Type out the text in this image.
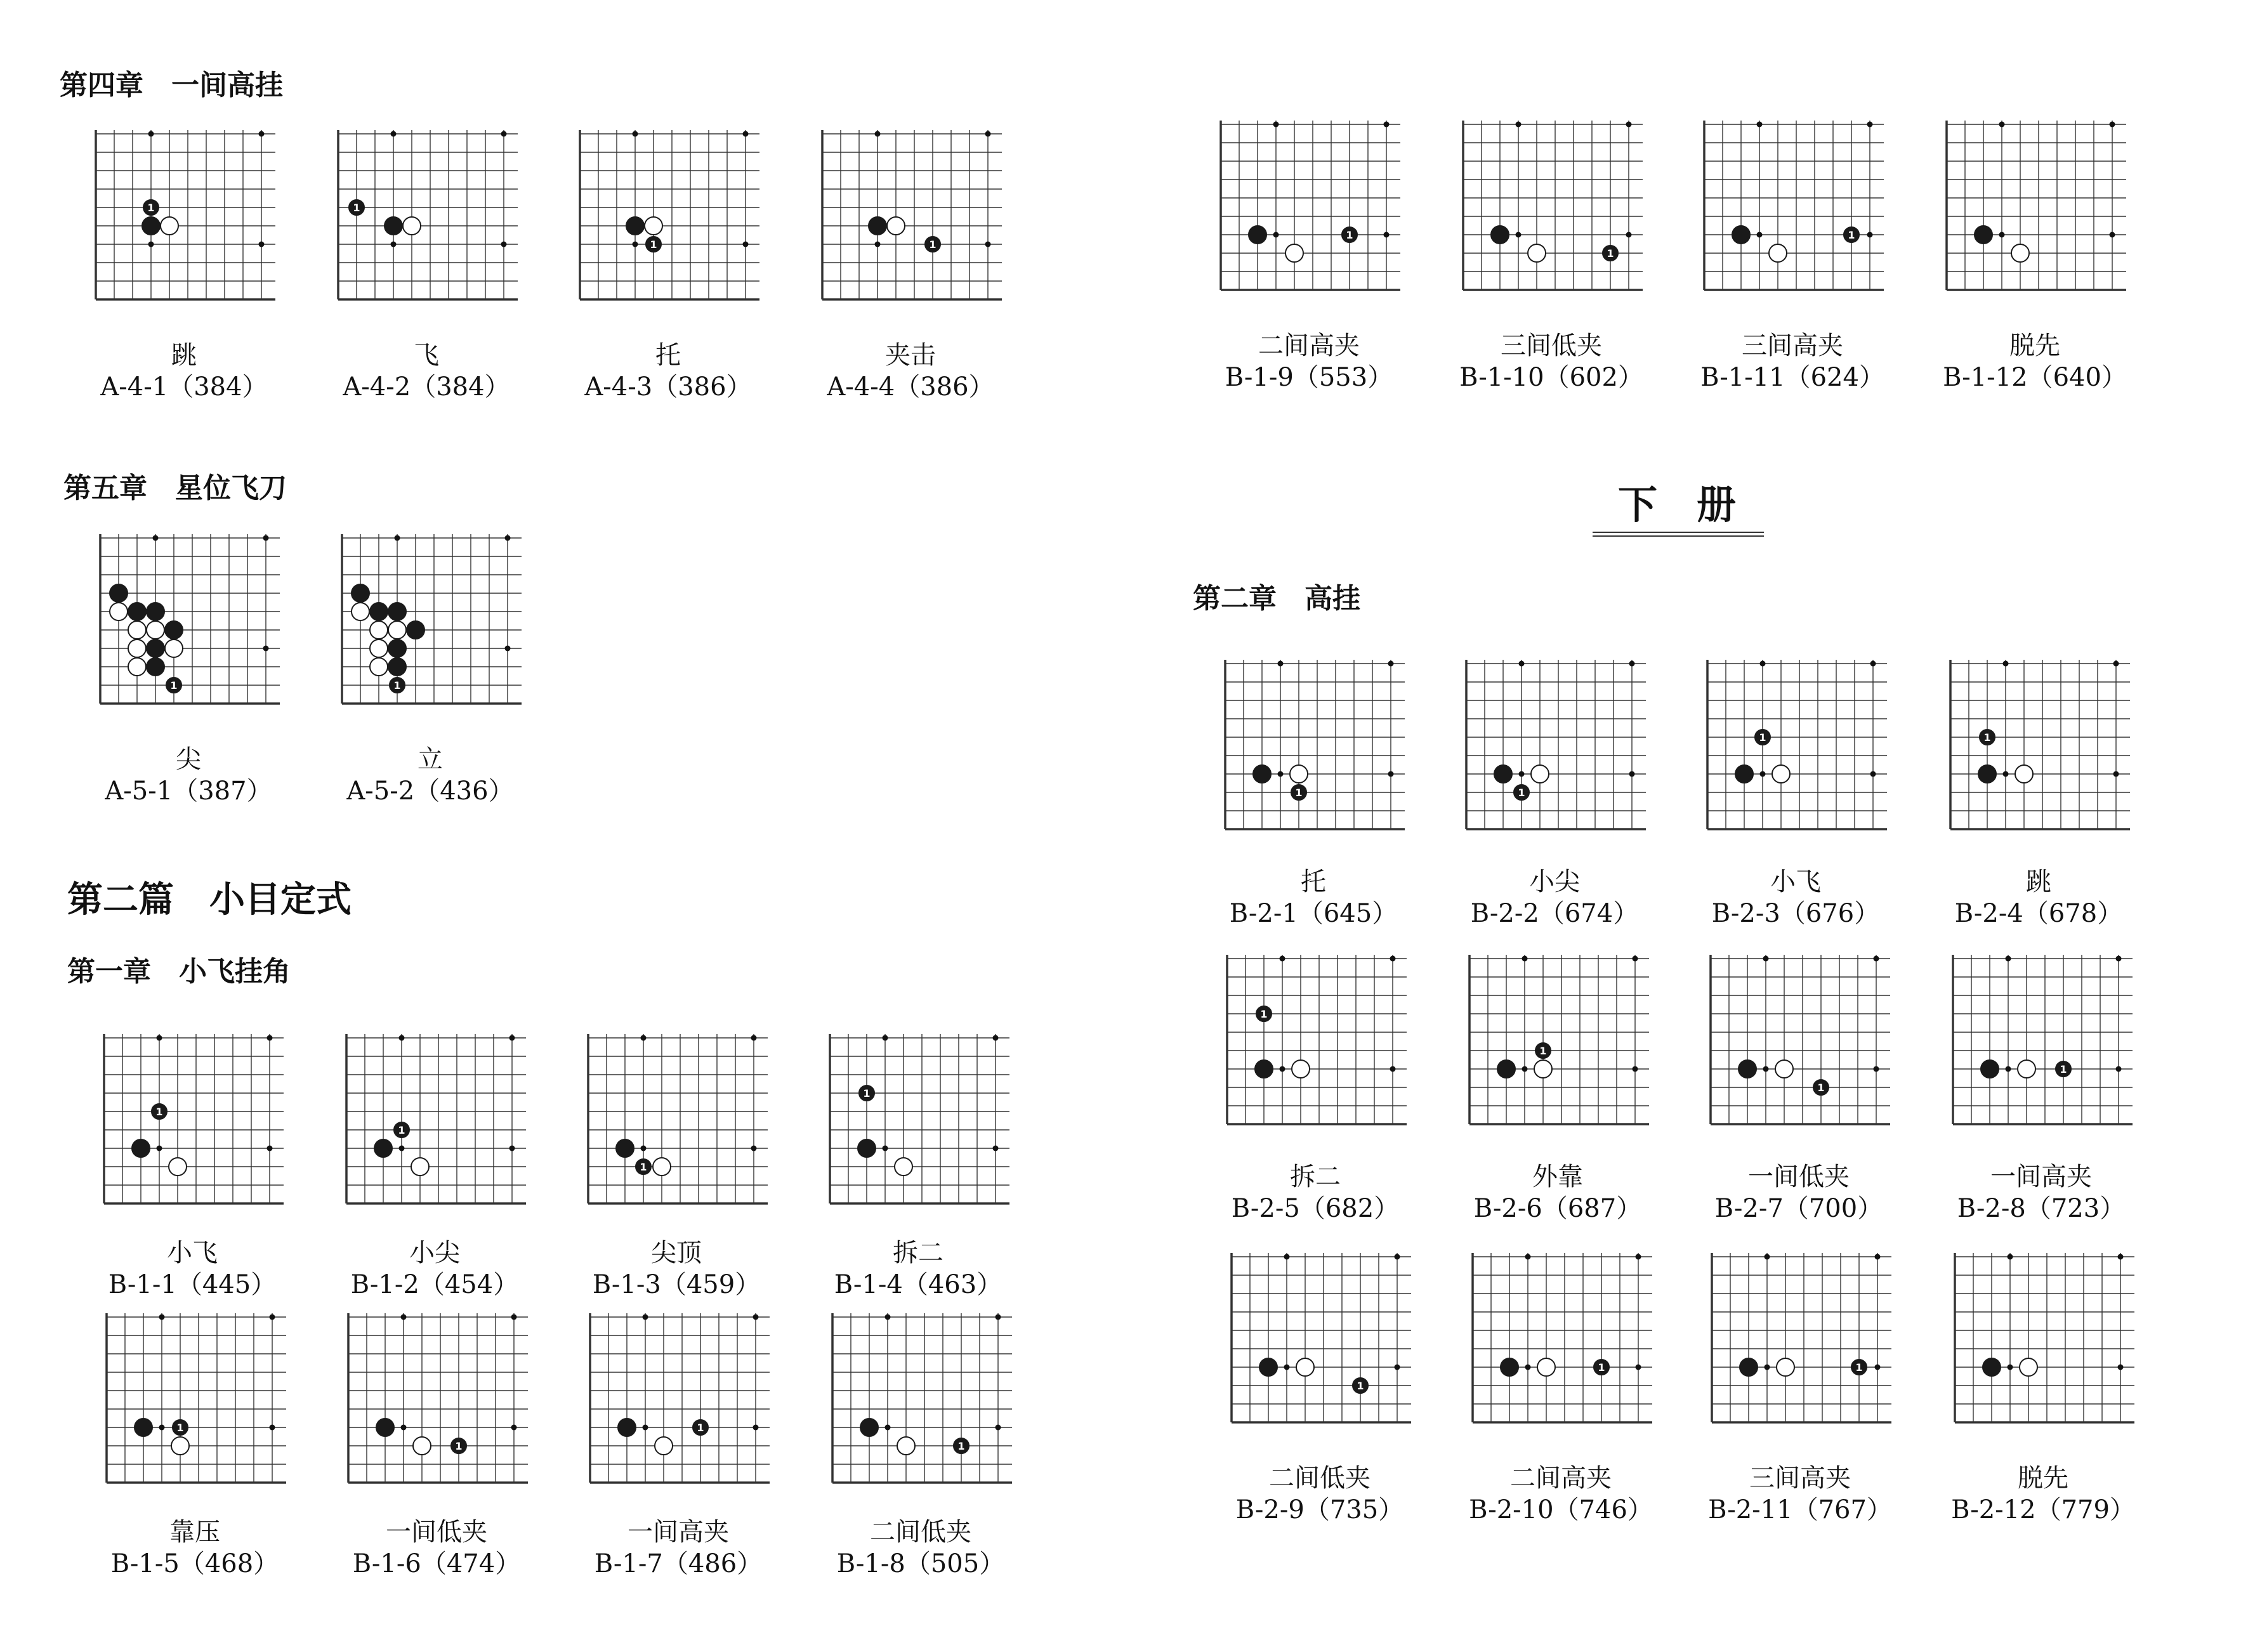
第四章　一间高挂
第五章　星位飞刀
第二篇　小目定式
第一章　小飞挂角
下　册
第二章　高挂
1
跳
A-4-1（384）
1
飞
A-4-2（384）
1
托
A-4-3（386）
1
夹击
A-4-4（386）
1
尖
A-5-1（387）
1
立
A-5-2（436）
1
小飞
B-1-1（445）
1
小尖
B-1-2（454）
1
尖顶
B-1-3（459）
1
拆二
B-1-4（463）
1
靠压
B-1-5（468）
1
一间低夹
B-1-6（474）
1
一间高夹
B-1-7（486）
1
二间低夹
B-1-8（505）
1
二间高夹
B-1-9（553）
1
三间低夹
B-1-10（602）
1
三间高夹
B-1-11（624）
脱先
B-1-12（640）
1
托
B-2-1（645）
1
小尖
B-2-2（674）
1
小飞
B-2-3（676）
1
跳
B-2-4（678）
1
拆二
B-2-5（682）
1
外靠
B-2-6（687）
1
一间低夹
B-2-7（700）
1
一间高夹
B-2-8（723）
1
二间低夹
B-2-9（735）
1
二间高夹
B-2-10（746）
1
三间高夹
B-2-11（767）
脱先
B-2-12（779）
